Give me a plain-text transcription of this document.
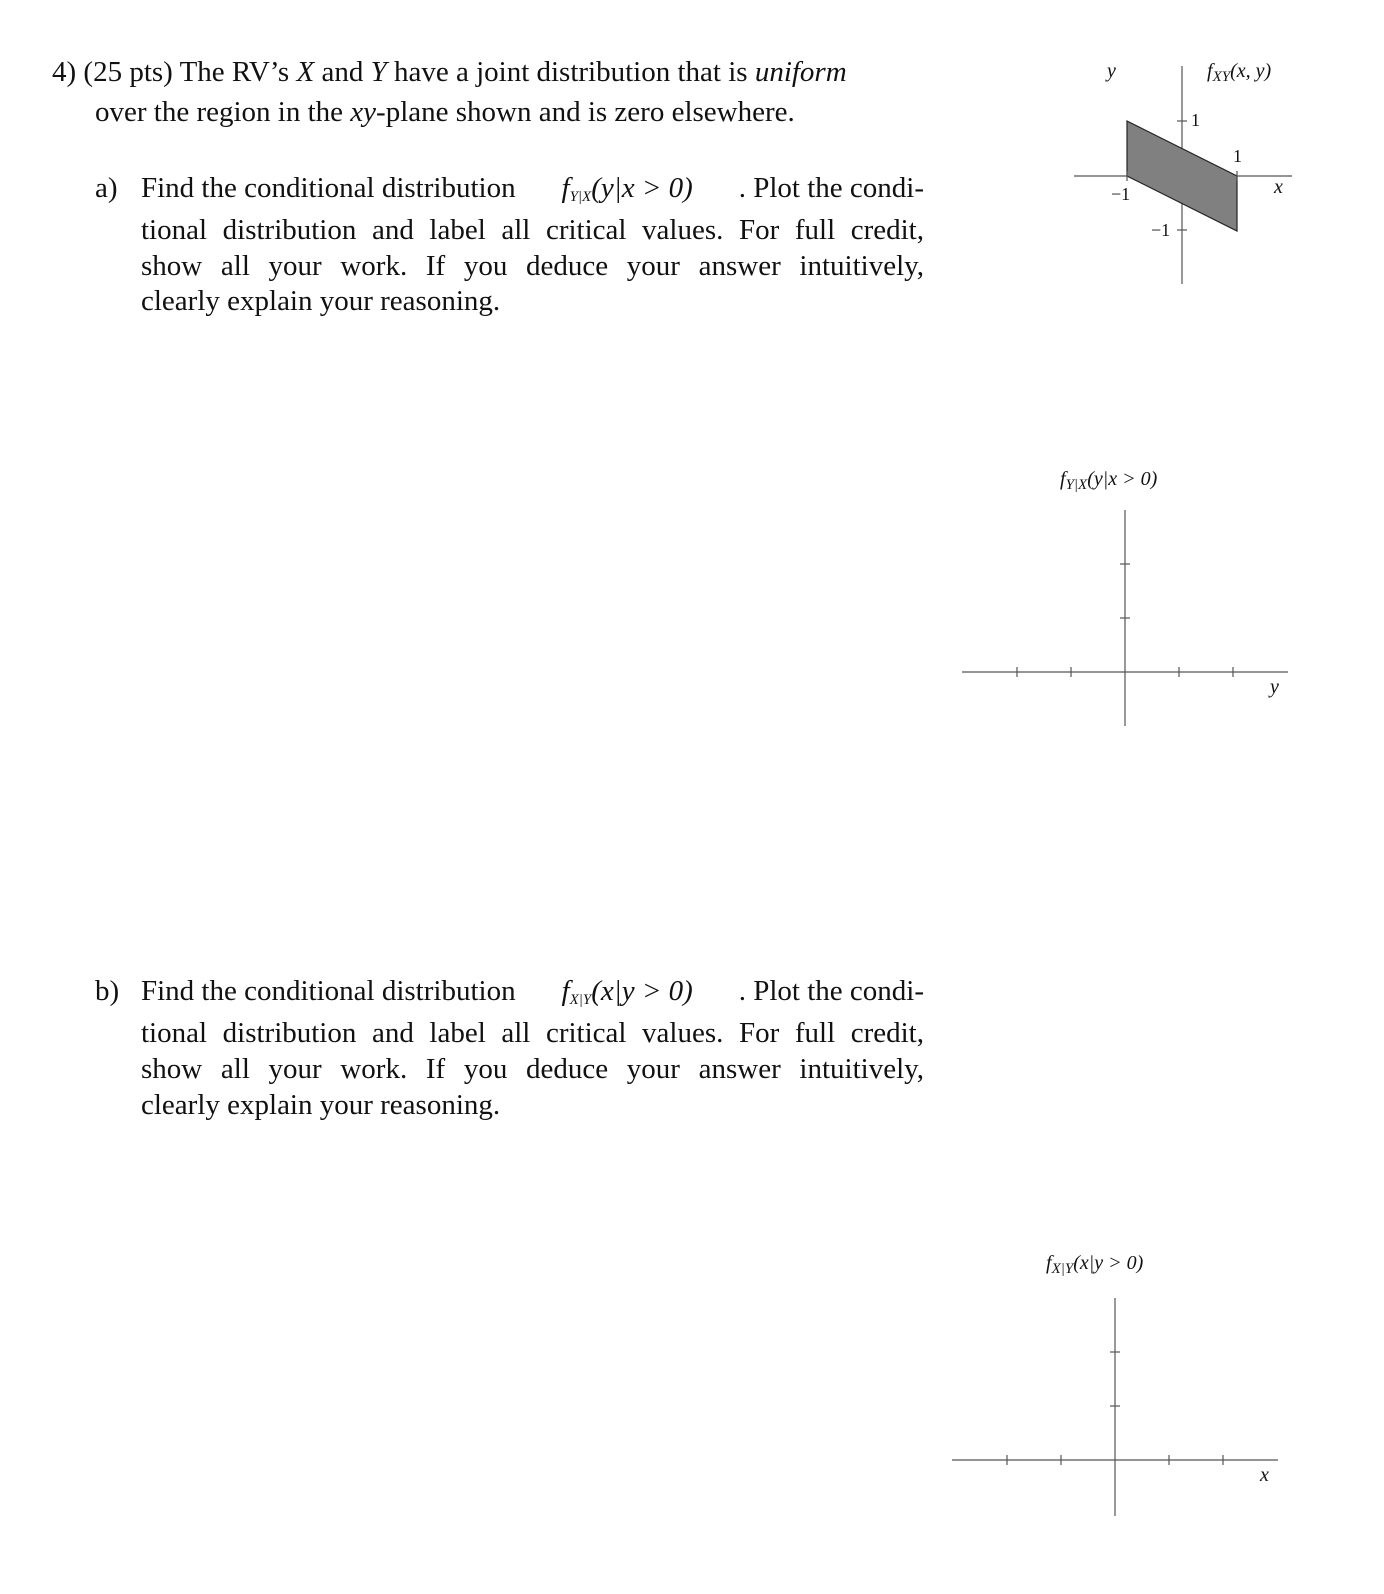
4) (25 pts) The RV’s X and Y have a joint distribution that is uniform
over the region in the xy-plane shown and is zero elsewhere.
a) Find the conditional distribution $f_{Y|X}(y|x > 0)$ . Plot the condi-
tional distribution and label all critical values. For full credit,
show all your work. If you deduce your answer intuitively,
clearly explain your reasoning.
b) Find the conditional distribution $f_{X|Y}(x|y > 0)$ . Plot the condi-
tional distribution and label all critical values. For full credit,
show all your work. If you deduce your answer intuitively,
clearly explain your reasoning.
y	$f_{XY}(x$, y)
1
1
−1	x
−1
$f_{Y|X}(y|x > 0)$
y
$f_{X|Y}(x|y > 0)$
x
